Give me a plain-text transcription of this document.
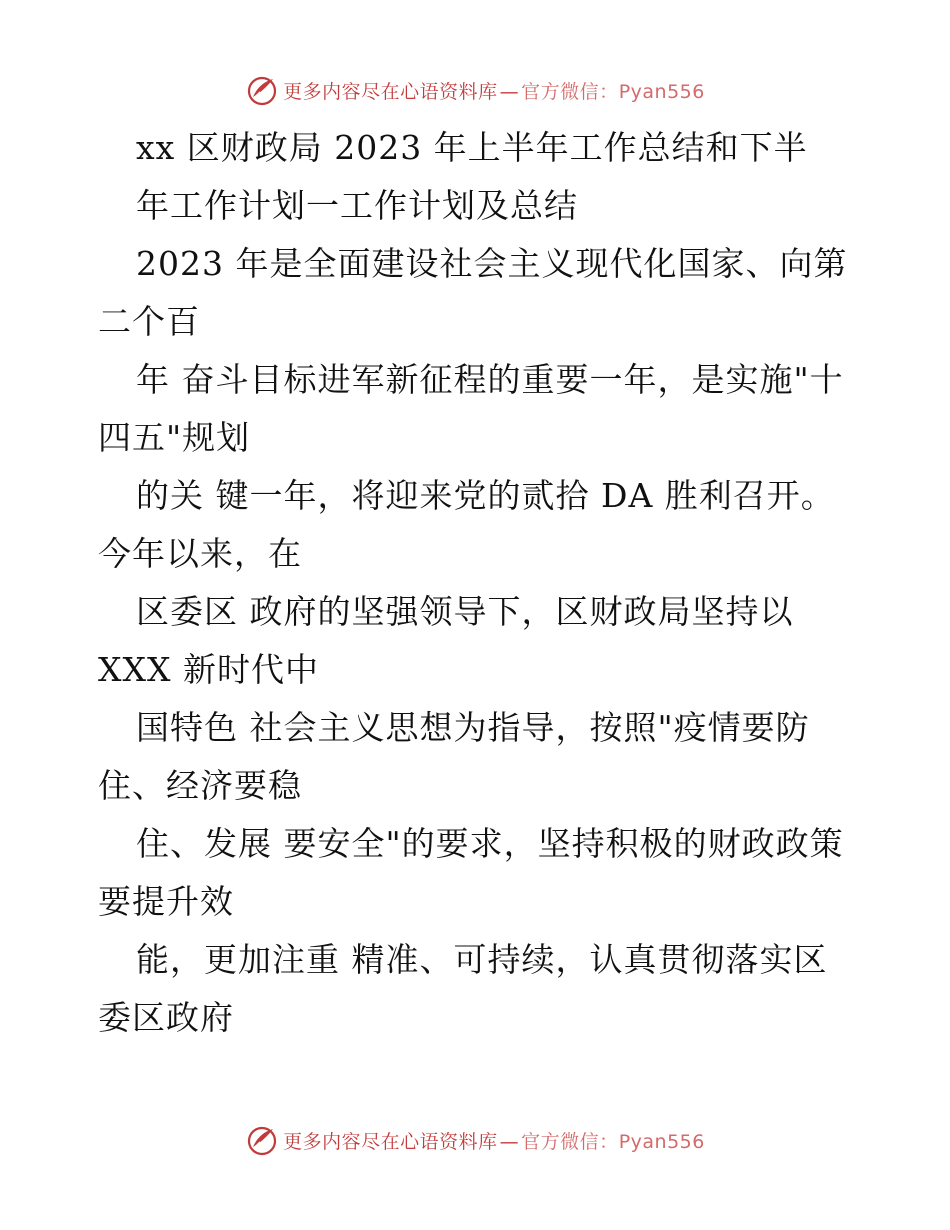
更多内容尽在心语资料库 — 官方微信：Pyan556
xx 区财政局 2023 年上半年工作总结和下半
年工作计划一工作计划及总结
2023 年是全面建设社会主义现代化国家、向第
二个百
年 奋斗目标进军新征程的重要一年，是实施"十
四五"规划
的关 键一年，将迎来党的贰拾 DA 胜利召开。
今年以来，在
区委区 政府的坚强领导下，区财政局坚持以
XXX 新时代中
国特色 社会主义思想为指导，按照"疫情要防
住、经济要稳
住、发展 要安全"的要求，坚持积极的财政政策
要提升效
能，更加注重 精准、可持续，认真贯彻落实区
委区政府
更多内容尽在心语资料库 — 官方微信：Pyan556
